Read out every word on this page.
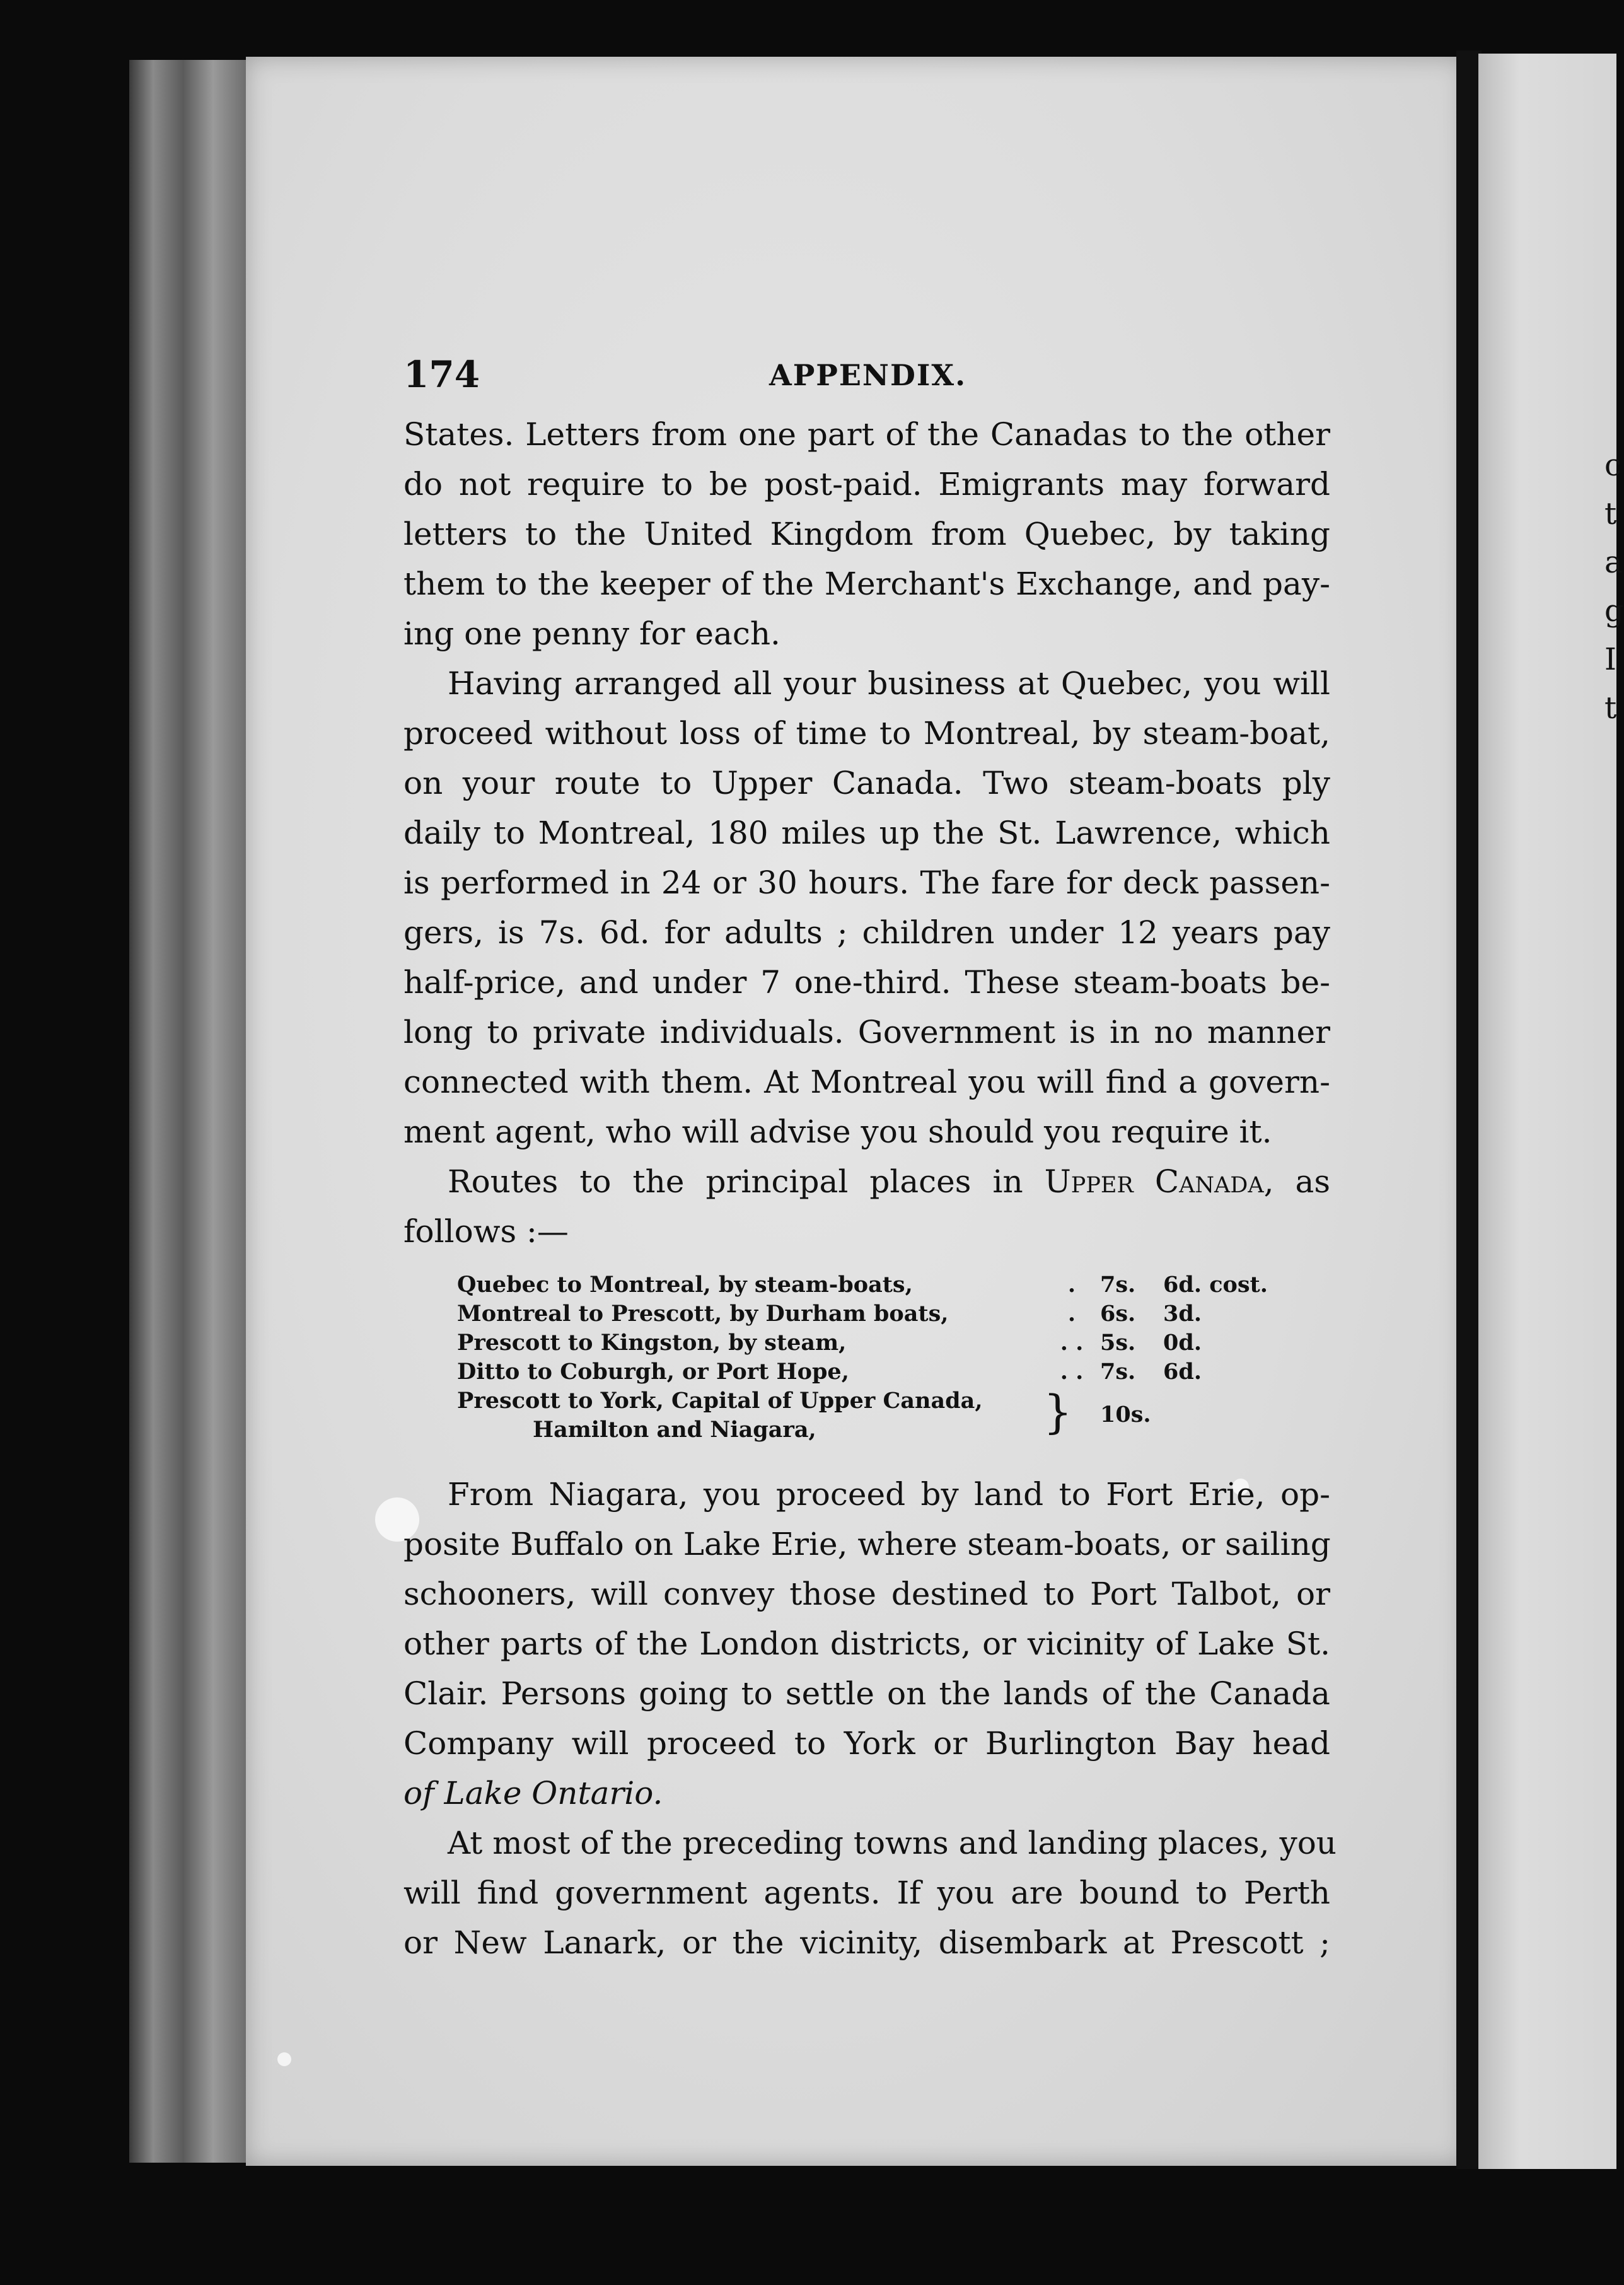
c
t
a
g
I
t
174	APPENDIX.
States. Letters from one part of the Canadas to the other
do not require to be post-paid. Emigrants may forward
letters to the United Kingdom from Quebec, by taking
them to the keeper of the Merchant's Exchange, and pay-
ing one penny for each.
Having arranged all your business at Quebec, you will
proceed without loss of time to Montreal, by steam-boat,
on your route to Upper Canada. Two steam-boats ply
daily to Montreal, 180 miles up the St. Lawrence, which
is performed in 24 or 30 hours. The fare for deck passen-
gers, is 7s. 6d. for adults ; children under 12 years pay
half-price, and under 7 one-third. These steam-boats be-
long to private individuals. Government is in no manner
connected with them. At Montreal you will find a govern-
ment agent, who will advise you should you require it.
Routes to the principal places in Upper Canada, as
follows :—
Quebec to Montreal, by steam-boats,	.	7s.	6d. cost.
Montreal to Prescott, by Durham boats,	.	6s.	3d.
Prescott to Kingston, by steam,	. . 5s.	0d.
Ditto to Coburgh, or Port Hope,	. . 7s.	6d.
Prescott to York, Capital of Upper Canada,
Hamilton and Niagara,	}	10s.
From Niagara, you proceed by land to Fort Erie, op-
posite Buffalo on Lake Erie, where steam-boats, or sailing
schooners, will convey those destined to Port Talbot, or
other parts of the London districts, or vicinity of Lake St.
Clair. Persons going to settle on the lands of the Canada
Company will proceed to York or Burlington Bay head
of Lake Ontario.
At most of the preceding towns and landing places, you
will find government agents. If you are bound to Perth
or New Lanark, or the vicinity, disembark at Prescott ;
